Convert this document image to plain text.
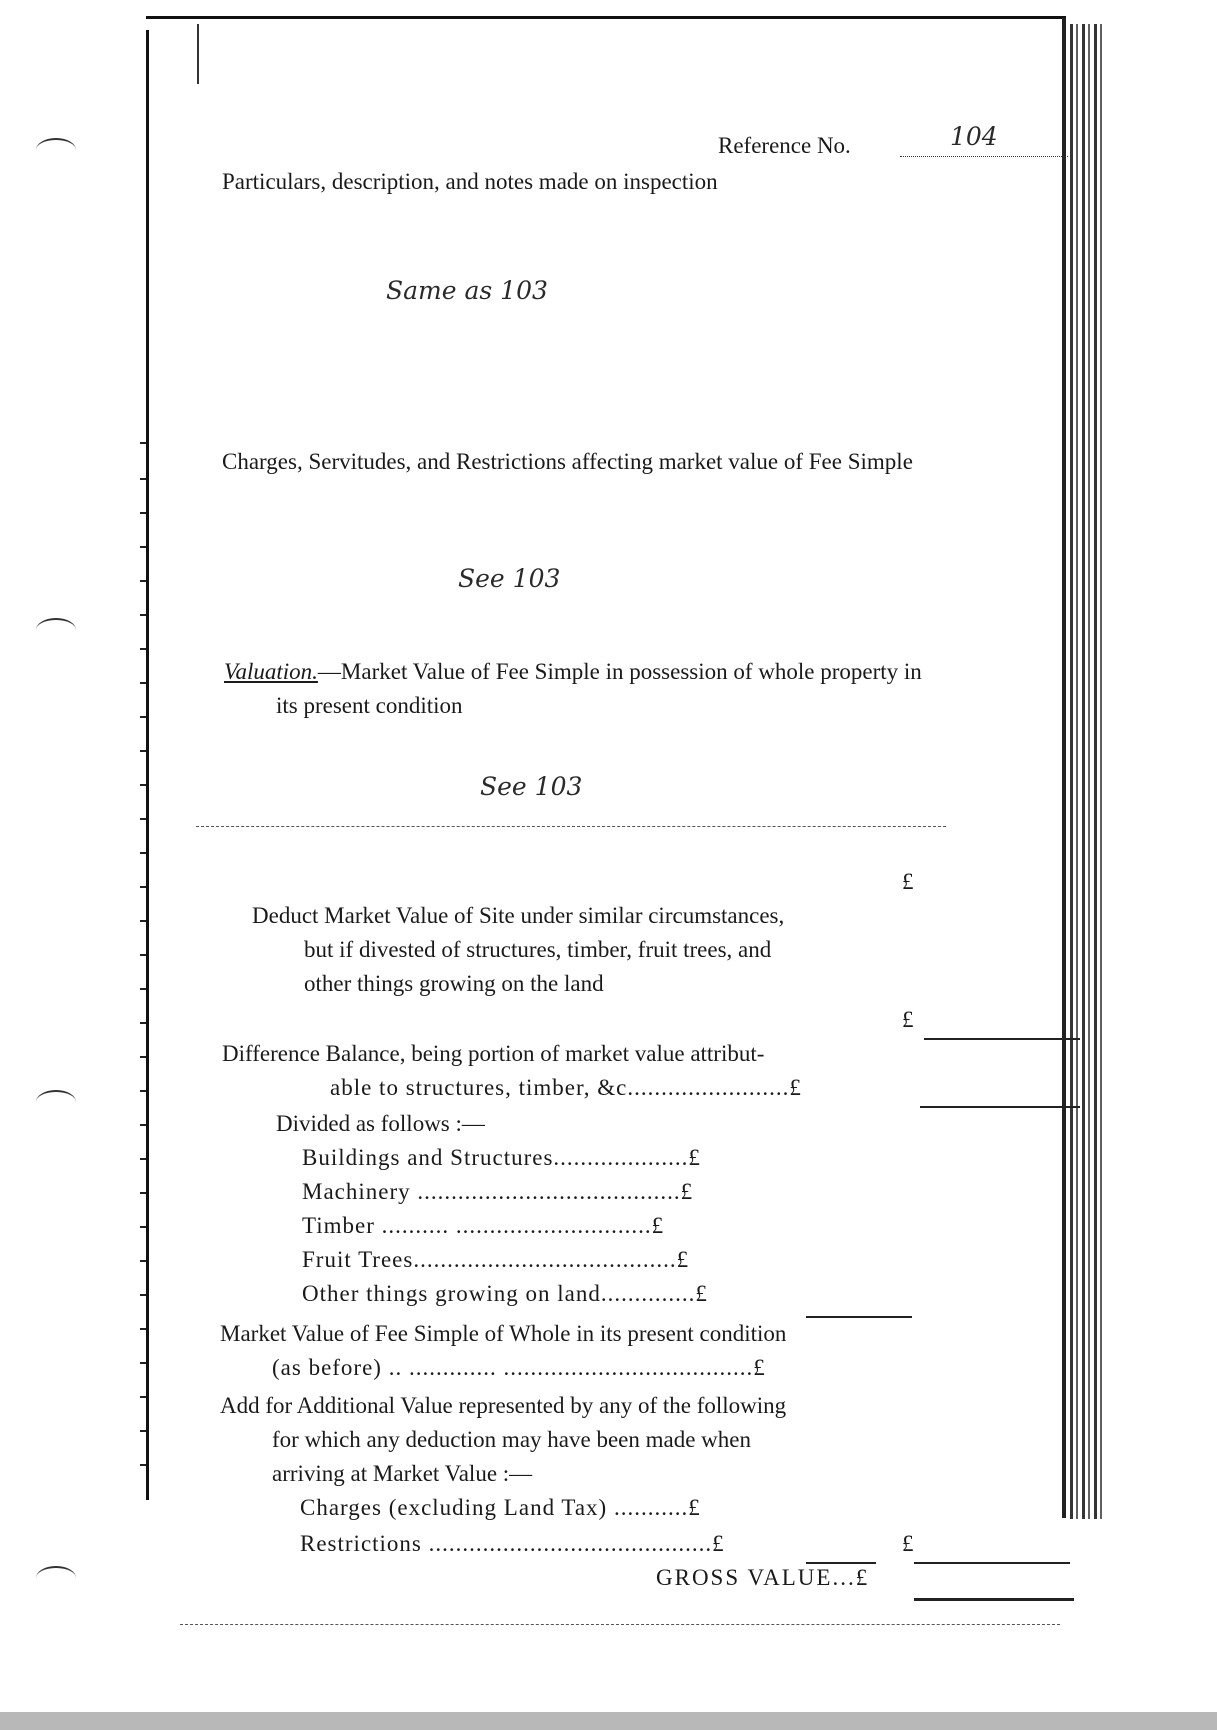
Reference No.	104
Particulars, description, and notes made on inspection
Same as 103
Charges, Servitudes, and Restrictions affecting market value of Fee Simple
See 103
Valuation.—Market Value of Fee Simple in possession of whole property in
its present condition
See 103
£
Deduct Market Value of Site under similar circumstances,
but if divested of structures, timber, fruit trees, and
other things growing on the land
£
Difference Balance, being portion of market value attribut-
able to structures, timber, &c........................£
Divided as follows :—
Buildings and Structures....................£
Machinery .......................................£
Timber .......... .............................£
Fruit Trees.......................................£
Other things growing on land..............£
Market Value of Fee Simple of Whole in its present condition
(as before) .. ............. .....................................£
Add for Additional Value represented by any of the following
for which any deduction may have been made when
arriving at Market Value :—
Charges (excluding Land Tax) ...........£
Restrictions ..........................................£	£
GROSS VALUE...£
